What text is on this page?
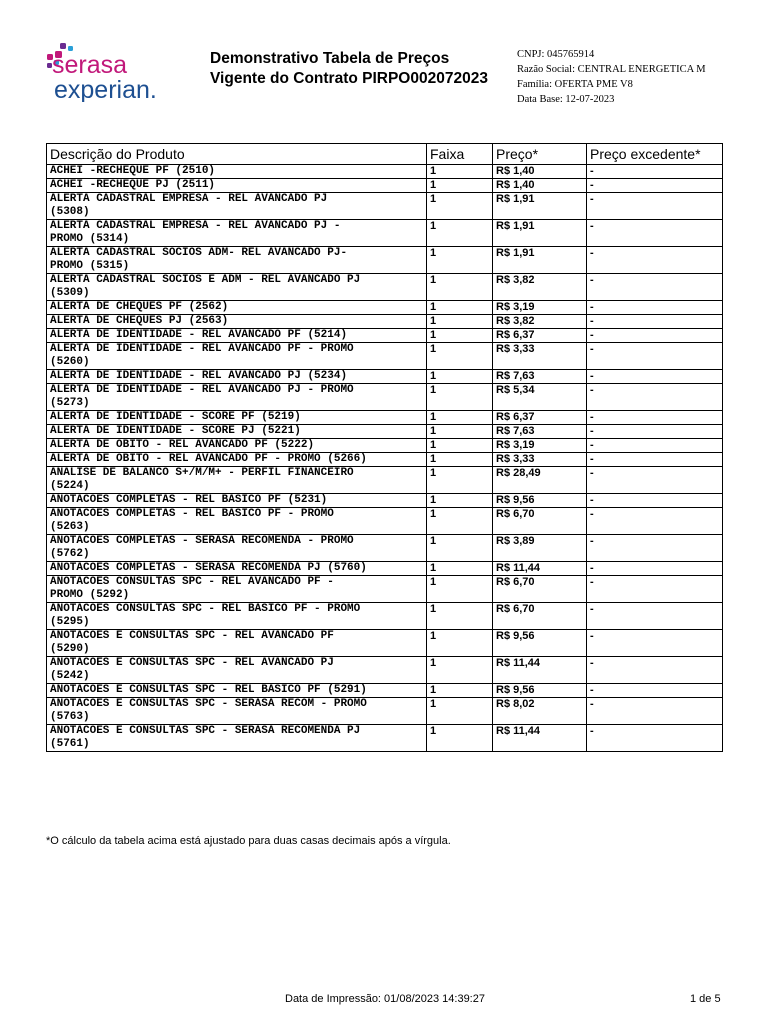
serasa
experian.
Demonstrativo Tabela de Preços
Vigente do Contrato PIRPO002072023
CNPJ: 045765914
Razão Social: CENTRAL ENERGETICA M
Família: OFERTA PME V8
Data Base: 12-07-2023
Descrição do Produto	Faixa	Preço*	Preço excedente*

ACHEI -RECHEQUE PF (2510)	1	R$ 1,40	-

ACHEI -RECHEQUE PJ (2511)	1	R$ 1,40	-

ALERTA CADASTRAL EMPRESA - REL AVANCADO PJ
(5308)	1	R$ 1,91	-

ALERTA CADASTRAL EMPRESA - REL AVANCADO PJ -
PROMO (5314)	1	R$ 1,91	-

ALERTA CADASTRAL SOCIOS ADM- REL AVANCADO PJ-
PROMO (5315)	1	R$ 1,91	-

ALERTA CADASTRAL SOCIOS E ADM - REL AVANCADO PJ
(5309)	1	R$ 3,82	-

ALERTA DE CHEQUES PF (2562)	1	R$ 3,19	-

ALERTA DE CHEQUES PJ (2563)	1	R$ 3,82	-

ALERTA DE IDENTIDADE - REL AVANCADO PF (5214)	1	R$ 6,37	-

ALERTA DE IDENTIDADE - REL AVANCADO PF - PROMO
(5260)	1	R$ 3,33	-

ALERTA DE IDENTIDADE - REL AVANCADO PJ (5234)	1	R$ 7,63	-

ALERTA DE IDENTIDADE - REL AVANCADO PJ - PROMO
(5273)	1	R$ 5,34	-

ALERTA DE IDENTIDADE - SCORE PF (5219)	1	R$ 6,37	-

ALERTA DE IDENTIDADE - SCORE PJ (5221)	1	R$ 7,63	-

ALERTA DE OBITO - REL AVANCADO PF (5222)	1	R$ 3,19	-

ALERTA DE OBITO - REL AVANCADO PF - PROMO (5266)	1	R$ 3,33	-

ANALISE DE BALANCO S+/M/M+ - PERFIL FINANCEIRO
(5224)	1	R$ 28,49	-

ANOTACOES COMPLETAS - REL BASICO PF (5231)	1	R$ 9,56	-

ANOTACOES COMPLETAS - REL BASICO PF - PROMO
(5263)	1	R$ 6,70	-

ANOTACOES COMPLETAS - SERASA RECOMENDA - PROMO
(5762)	1	R$ 3,89	-

ANOTACOES COMPLETAS - SERASA RECOMENDA PJ (5760)	1	R$ 11,44	-

ANOTACOES CONSULTAS SPC - REL AVANCADO PF -
PROMO (5292)	1	R$ 6,70	-

ANOTACOES CONSULTAS SPC - REL BASICO PF - PROMO
(5295)	1	R$ 6,70	-

ANOTACOES E CONSULTAS SPC - REL AVANCADO PF
(5290)	1	R$ 9,56	-

ANOTACOES E CONSULTAS SPC - REL AVANCADO PJ
(5242)	1	R$ 11,44	-

ANOTACOES E CONSULTAS SPC - REL BASICO PF (5291)	1	R$ 9,56	-

ANOTACOES E CONSULTAS SPC - SERASA RECOM - PROMO
(5763)	1	R$ 8,02	-

ANOTACOES E CONSULTAS SPC - SERASA RECOMENDA PJ
(5761)	1	R$ 11,44	-
*O cálculo da tabela acima está ajustado para duas casas decimais após a vírgula.
Data de Impressão: 01/08/2023 14:39:27	1 de 5
